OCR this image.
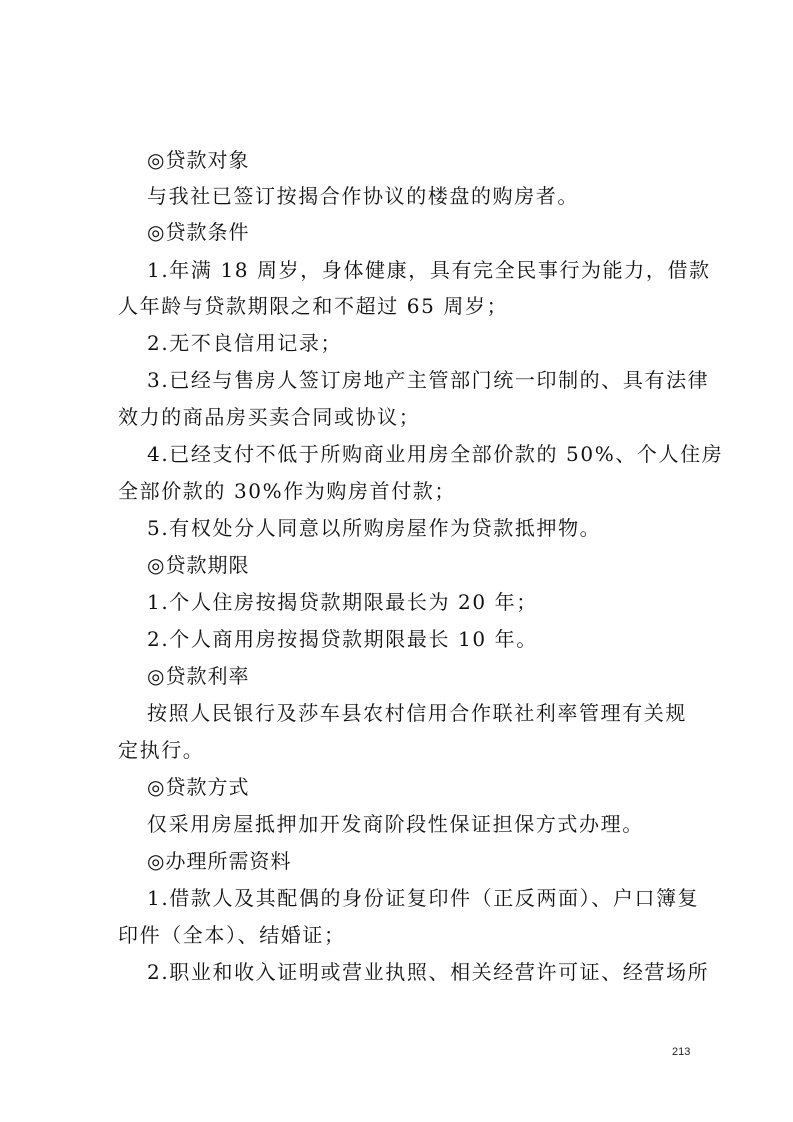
◎贷款对象
与我社已签订按揭合作协议的楼盘的购房者。
◎贷款条件
1.年满 18 周岁，身体健康，具有完全民事行为能力，借款
人年龄与贷款期限之和不超过 65 周岁；
2.无不良信用记录；
3.已经与售房人签订房地产主管部门统一印制的、具有法律
效力的商品房买卖合同或协议；
4.已经支付不低于所购商业用房全部价款的 50%、个人住房
全部价款的 30%作为购房首付款；
5.有权处分人同意以所购房屋作为贷款抵押物。
◎贷款期限
1.个人住房按揭贷款期限最长为 20 年；
2.个人商用房按揭贷款期限最长 10 年。
◎贷款利率
按照人民银行及莎车县农村信用合作联社利率管理有关规
定执行。
◎贷款方式
仅采用房屋抵押加开发商阶段性保证担保方式办理。
◎办理所需资料
1.借款人及其配偶的身份证复印件（正反两面）、户口簿复
印件（全本）、结婚证；
2.职业和收入证明或营业执照、相关经营许可证、经营场所
213
